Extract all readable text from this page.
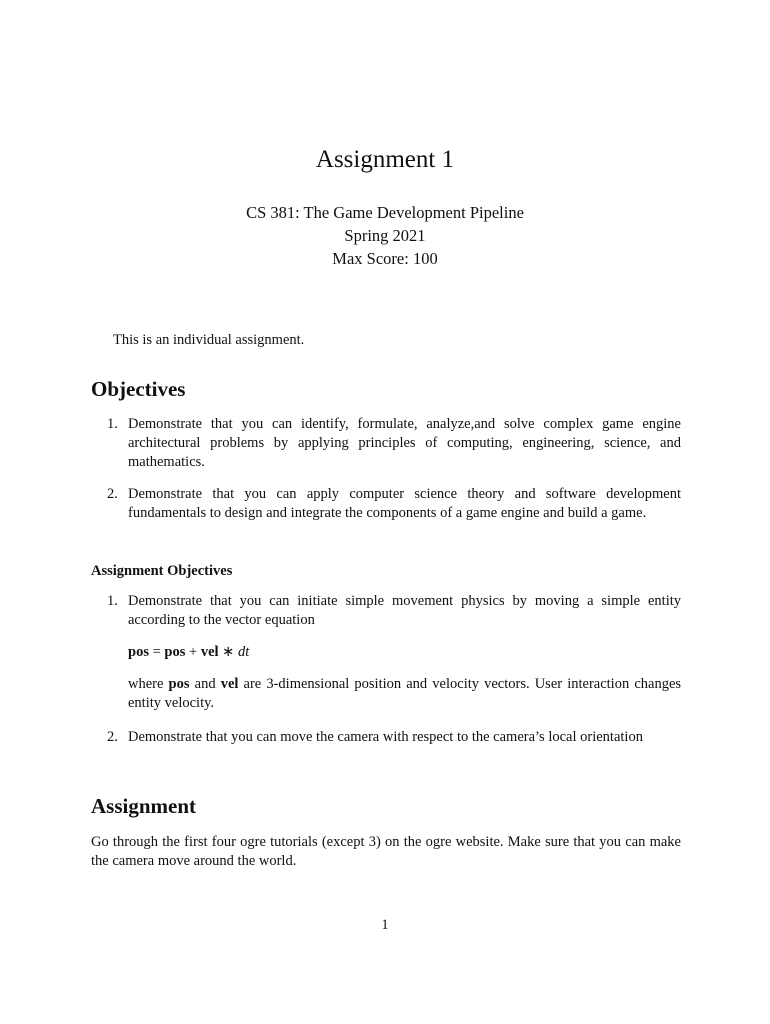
Assignment 1
CS 381: The Game Development Pipeline
Spring 2021
Max Score: 100
This is an individual assignment.
Objectives
1. Demonstrate that you can identify, formulate, analyze,and solve complex game engine architectural problems by applying principles of computing, engineering, science, and mathematics.
2. Demonstrate that you can apply computer science theory and software development fundamentals to design and integrate the components of a game engine and build a game.
Assignment Objectives
1. Demonstrate that you can initiate simple movement physics by moving a simple entity according to the vector equation
pos = pos + vel ∗ dt
where pos and vel are 3-dimensional position and velocity vectors. User interaction changes entity velocity.
2. Demonstrate that you can move the camera with respect to the camera’s local orientation
Assignment
Go through the first four ogre tutorials (except 3) on the ogre website. Make sure that you can make the camera move around the world.
1
